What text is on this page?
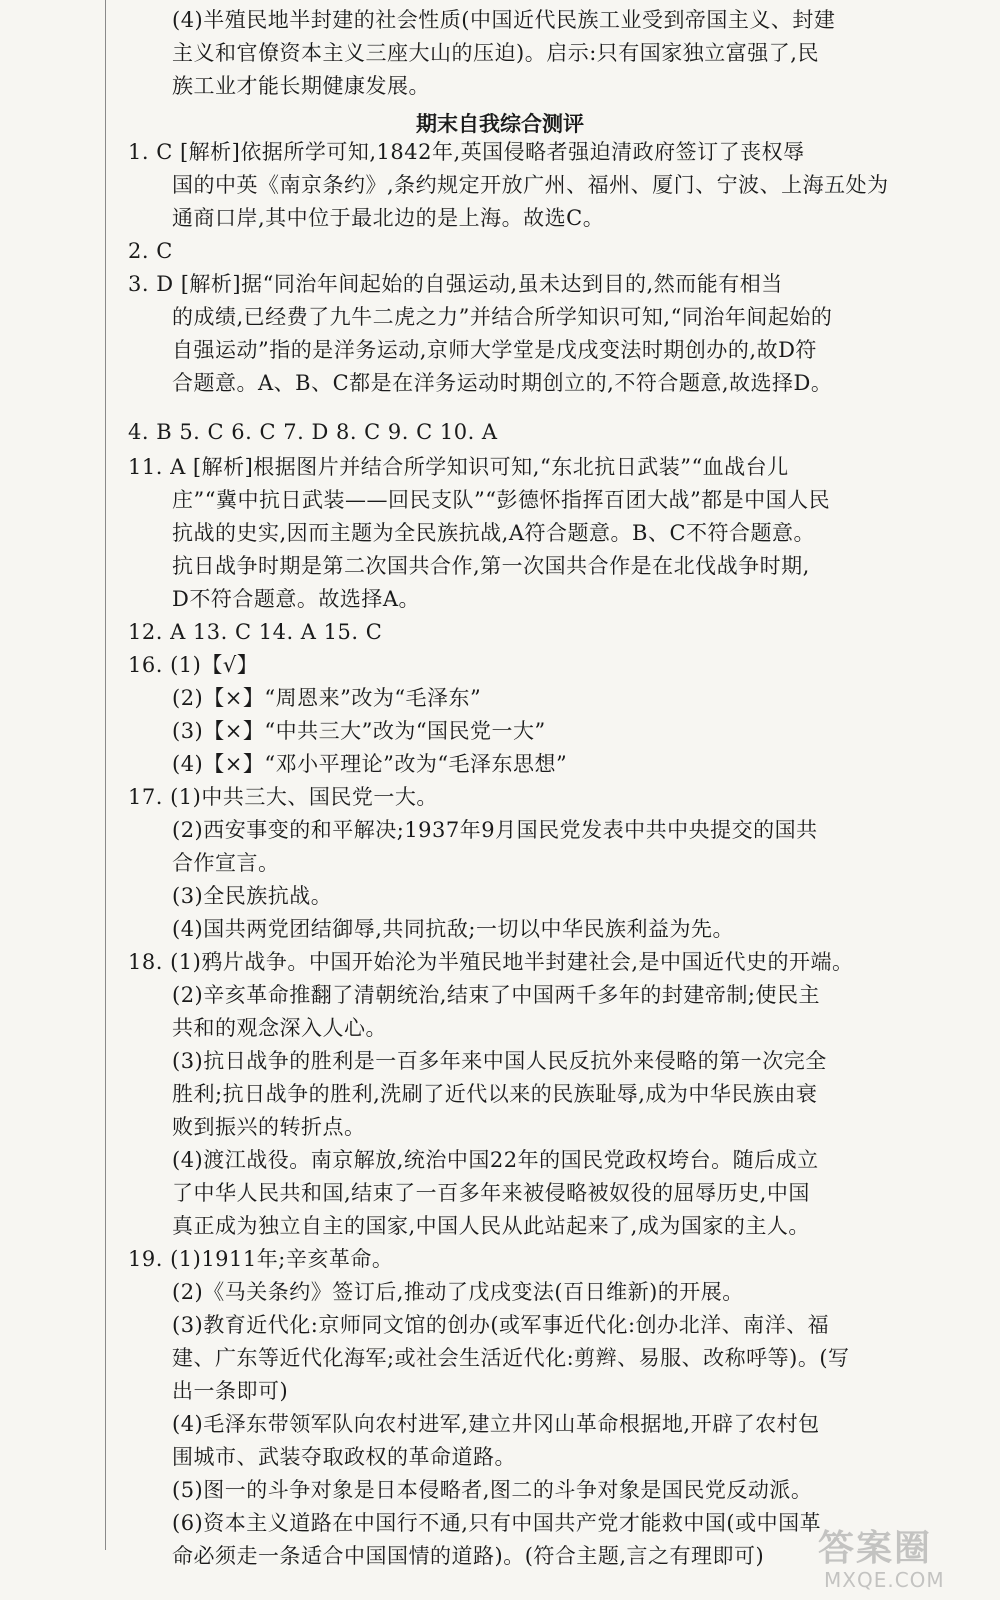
期末自我综合测评
(4)半殖民地半封建的社会性质(中国近代民族工业受到帝国主义、封建
主义和官僚资本主义三座大山的压迫)。启示:只有国家独立富强了,民
族工业才能长期健康发展。
1. C [解析]依据所学可知,1842年,英国侵略者强迫清政府签订了丧权辱
国的中英《南京条约》,条约规定开放广州、福州、厦门、宁波、上海五处为
通商口岸,其中位于最北边的是上海。故选C。
2. C
3. D [解析]据“同治年间起始的自强运动,虽未达到目的,然而能有相当
的成绩,已经费了九牛二虎之力”并结合所学知识可知,“同治年间起始的
自强运动”指的是洋务运动,京师大学堂是戊戌变法时期创办的,故D符
合题意。A、B、C都是在洋务运动时期创立的,不符合题意,故选择D。
4. B 5. C 6. C 7. D 8. C 9. C 10. A
11. A [解析]根据图片并结合所学知识可知,“东北抗日武装”“血战台儿
庄”“冀中抗日武装——回民支队”“彭德怀指挥百团大战”都是中国人民
抗战的史实,因而主题为全民族抗战,A符合题意。B、C不符合题意。
抗日战争时期是第二次国共合作,第一次国共合作是在北伐战争时期,
D不符合题意。故选择A。
12. A 13. C 14. A 15. C
16. (1)【√】
(2)【×】“周恩来”改为“毛泽东”
(3)【×】“中共三大”改为“国民党一大”
(4)【×】“邓小平理论”改为“毛泽东思想”
17. (1)中共三大、国民党一大。
(2)西安事变的和平解决;1937年9月国民党发表中共中央提交的国共
合作宣言。
(3)全民族抗战。
(4)国共两党团结御辱,共同抗敌;一切以中华民族利益为先。
18. (1)鸦片战争。中国开始沦为半殖民地半封建社会,是中国近代史的开端。
(2)辛亥革命推翻了清朝统治,结束了中国两千多年的封建帝制;使民主
共和的观念深入人心。
(3)抗日战争的胜利是一百多年来中国人民反抗外来侵略的第一次完全
胜利;抗日战争的胜利,洗刷了近代以来的民族耻辱,成为中华民族由衰
败到振兴的转折点。
(4)渡江战役。南京解放,统治中国22年的国民党政权垮台。随后成立
了中华人民共和国,结束了一百多年来被侵略被奴役的屈辱历史,中国
真正成为独立自主的国家,中国人民从此站起来了,成为国家的主人。
19. (1)1911年;辛亥革命。
(2)《马关条约》签订后,推动了戊戌变法(百日维新)的开展。
(3)教育近代化:京师同文馆的创办(或军事近代化:创办北洋、南洋、福
建、广东等近代化海军;或社会生活近代化:剪辫、易服、改称呼等)。(写
出一条即可)
(4)毛泽东带领军队向农村进军,建立井冈山革命根据地,开辟了农村包
围城市、武装夺取政权的革命道路。
(5)图一的斗争对象是日本侵略者,图二的斗争对象是国民党反动派。
(6)资本主义道路在中国行不通,只有中国共产党才能救中国(或中国革
命必须走一条适合中国国情的道路)。(符合主题,言之有理即可) 答案圈
MXQE.COM
